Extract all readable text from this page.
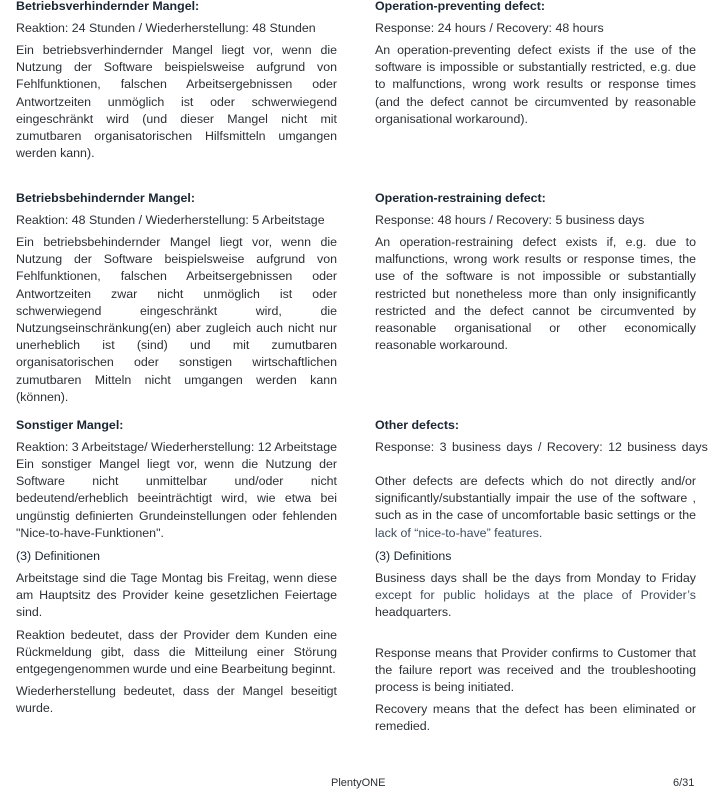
Betriebsverhindernder Mangel:

Reaktion: 24 Stunden / Wiederherstellung: 48 Stunden

Ein betriebsverhindernder Mangel liegt vor, wenn die Nutzung der Software beispielsweise aufgrund von Fehlfunktionen, falschen Arbeitsergebnissen oder Antwortzeiten unmöglich ist oder schwerwiegend eingeschränkt wird (und dieser Mangel nicht mit zumutbaren organisatorischen Hilfsmitteln umgangen werden kann).

Betriebsbehindernder Mangel:

Reaktion: 48 Stunden / Wiederherstellung: 5 Arbeitstage

Ein betriebsbehindernder Mangel liegt vor, wenn die Nutzung der Software beispielsweise aufgrund von Fehlfunktionen, falschen Arbeitsergebnissen oder Antwortzeiten zwar nicht unmöglich ist oder schwerwiegend eingeschränkt wird, die Nutzungseinschränkung(en) aber zugleich auch nicht nur unerheblich ist (sind) und mit zumutbaren organisatorischen oder sonstigen wirtschaftlichen zumutbaren Mitteln nicht umgangen werden kann (können).

Sonstiger Mangel:

Reaktion: 3 Arbeitstage/ Wiederherstellung: 12 Arbeitstage

Ein sonstiger Mangel liegt vor, wenn die Nutzung der Software nicht unmittelbar und/oder nicht bedeutend/erheblich beeinträchtigt wird, wie etwa bei ungünstig definierten Grundeinstellungen oder fehlenden "Nice-to-have-Funktionen".

(3) Definitionen

Arbeitstage sind die Tage Montag bis Freitag, wenn diese am Hauptsitz des Provider keine gesetzlichen Feiertage sind.

Reaktion bedeutet, dass der Provider dem Kunden eine Rückmeldung gibt, dass die Mitteilung einer Störung entgegengenommen wurde und eine Bearbeitung beginnt.

Wiederherstellung bedeutet, dass der Mangel beseitigt wurde.

Operation-preventing defect:

Response: 24 hours / Recovery: 48 hours

An operation-preventing defect exists if the use of the software is impossible or substantially restricted, e.g. due to malfunctions, wrong work results or response times (and the defect cannot be circumvented by reasonable organisational workaround).

Operation-restraining defect:

Response: 48 hours / Recovery: 5 business days

An operation-restraining defect exists if, e.g. due to malfunctions, wrong work results or response times, the use of the software is not impossible or substantially restricted but nonetheless more than only insignificantly restricted and the defect cannot be circumvented by reasonable organisational or other economically reasonable workaround.

Other defects:

Response: 3 business days / Recovery: 12 business days

Other defects are defects which do not directly and/or significantly/substantially impair the use of the software , such as in the case of uncomfortable basic settings or the

lack of “nice-to-have” features.

(3) Definitions

Business days shall be the days from Monday to Friday

except for public holidays at the place of Provider’s

headquarters.

Response means that Provider confirms to Customer that the failure report was received and the troubleshooting process is being initiated.

Recovery means that the defect has been eliminated or remedied.

PlentyONE	6/31
